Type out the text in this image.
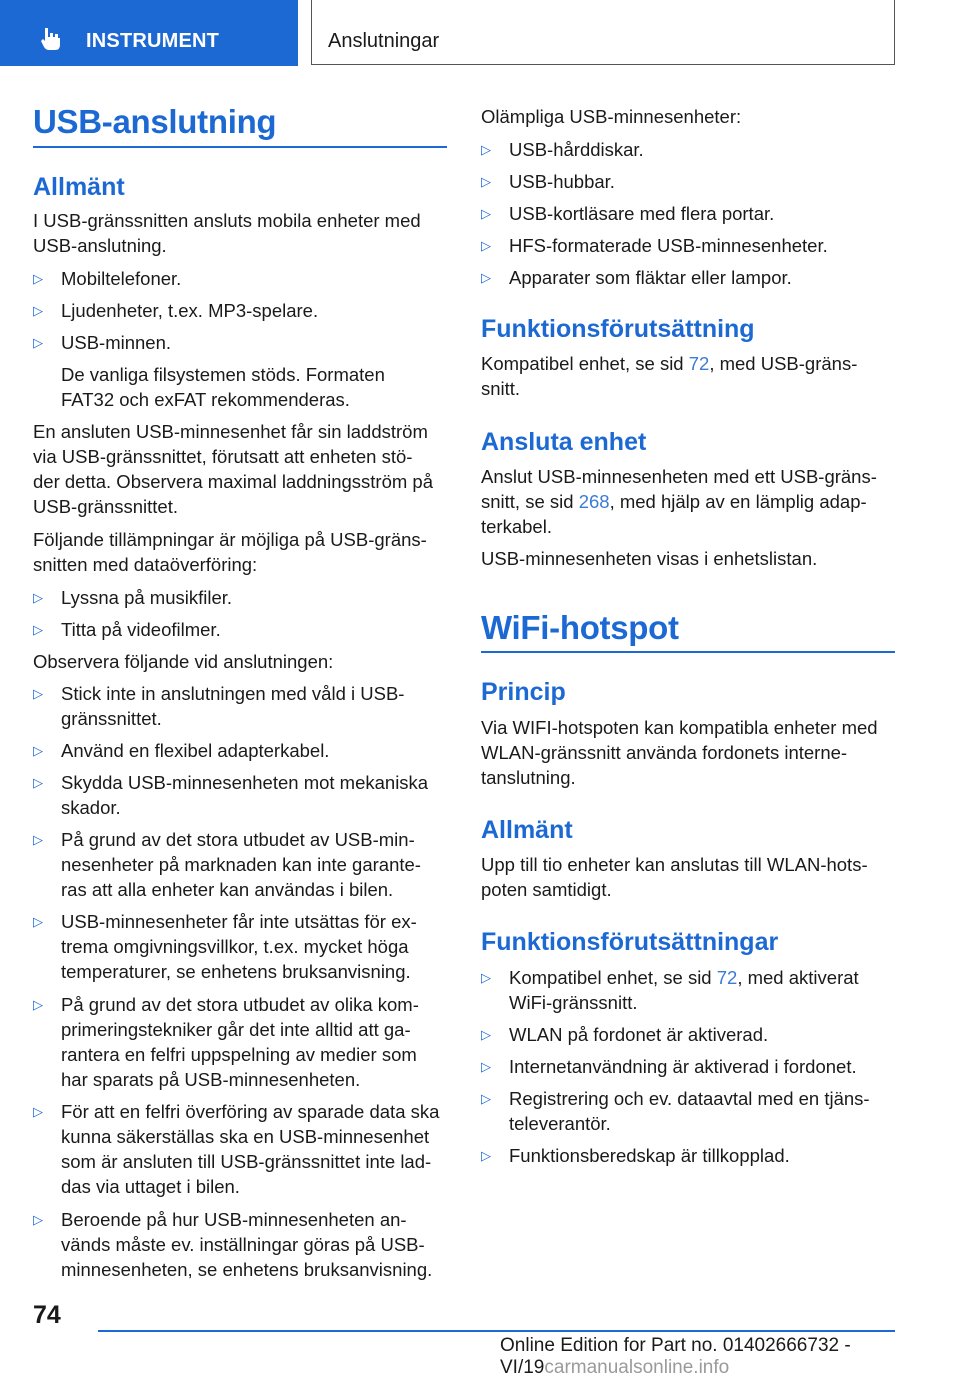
INSTRUMENT	Anslutningar
USB-anslutning
Allmänt
I USB-gränssnitten ansluts mobila enheter med
USB-anslutning.
▷ Mobiltelefoner.
▷ Ljudenheter, t.ex. MP3-spelare.
▷ USB-minnen.
De vanliga filsystemen stöds. Formaten
FAT32 och exFAT rekommenderas.
En ansluten USB-minnesenhet får sin laddström
via USB-gränssnittet, förutsatt att enheten stö-
der detta. Observera maximal laddningsström på
USB-gränssnittet.
Följande tillämpningar är möjliga på USB-gräns-
snitten med dataöverföring:
▷ Lyssna på musikfiler.
▷ Titta på videofilmer.
Observera följande vid anslutningen:
▷ Stick inte in anslutningen med våld i USB-
gränssnittet.
▷ Använd en flexibel adapterkabel.
▷ Skydda USB-minnesenheten mot mekaniska
skador.
▷ På grund av det stora utbudet av USB-min-
nesenheter på marknaden kan inte garante-
ras att alla enheter kan användas i bilen.
▷ USB-minnesenheter får inte utsättas för ex-
trema omgivningsvillkor, t.ex. mycket höga
temperaturer, se enhetens bruksanvisning.
▷ På grund av det stora utbudet av olika kom-
primeringstekniker går det inte alltid att ga-
rantera en felfri uppspelning av medier som
har sparats på USB-minnesenheten.
▷ För att en felfri överföring av sparade data ska
kunna säkerställas ska en USB-minnesenhet
som är ansluten till USB-gränssnittet inte lad-
das via uttaget i bilen.
▷ Beroende på hur USB-minnesenheten an-
vänds måste ev. inställningar göras på USB-
minnesenheten, se enhetens bruksanvisning.
Olämpliga USB-minnesenheter:
▷ USB-hårddiskar.
▷ USB-hubbar.
▷ USB-kortläsare med flera portar.
▷ HFS-formaterade USB-minnesenheter.
▷ Apparater som fläktar eller lampor.
Funktionsförutsättning
Kompatibel enhet, se sid 72, med USB-gräns-
snitt.
Ansluta enhet
Anslut USB-minnesenheten med ett USB-gräns-
snitt, se sid 268, med hjälp av en lämplig adap-
terkabel.
USB-minnesenheten visas i enhetslistan.
WiFi-hotspot
Princip
Via WIFI-hotspoten kan kompatibla enheter med
WLAN-gränssnitt använda fordonets interne-
tanslutning.
Allmänt
Upp till tio enheter kan anslutas till WLAN-hots-
poten samtidigt.
Funktionsförutsättningar
▷ Kompatibel enhet, se sid 72, med aktiverat
WiFi-gränssnitt.
▷ WLAN på fordonet är aktiverad.
▷ Internetanvändning är aktiverad i fordonet.
▷ Registrering och ev. dataavtal med en tjäns-
televerantör.
▷ Funktionsberedskap är tillkopplad.
74
Online Edition for Part no. 01402666732 - VI/19carmanualsonline.info
